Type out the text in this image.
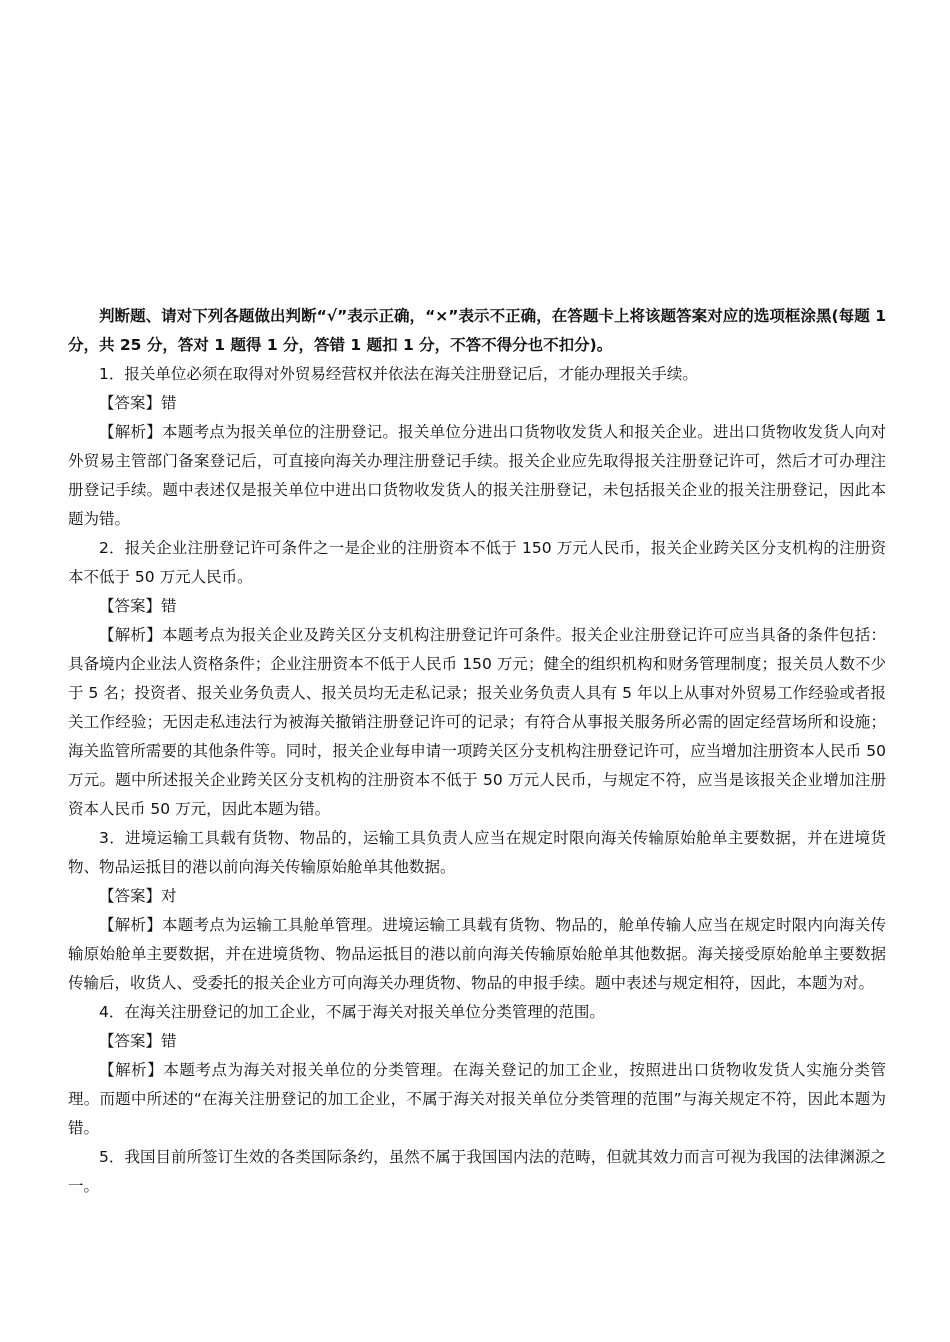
判断题、请对下列各题做出判断“√”表示正确，“×”表示不正确，在答题卡上将该题答案对应的选项框涂黑(每题 1 分，共 25 分，答对 1 题得 1 分，答错 1 题扣 1 分，不答不得分也不扣分)。

1．报关单位必须在取得对外贸易经营权并依法在海关注册登记后，才能办理报关手续。

【答案】错

【解析】本题考点为报关单位的注册登记。报关单位分进出口货物收发货人和报关企业。进出口货物收发货人向对外贸易主管部门备案登记后，可直接向海关办理注册登记手续。报关企业应先取得报关注册登记许可，然后才可办理注册登记手续。题中表述仅是报关单位中进出口货物收发货人的报关注册登记，未包括报关企业的报关注册登记，因此本题为错。

2．报关企业注册登记许可条件之一是企业的注册资本不低于 150 万元人民币，报关企业跨关区分支机构的注册资本不低于 50 万元人民币。

【答案】错

【解析】本题考点为报关企业及跨关区分支机构注册登记许可条件。报关企业注册登记许可应当具备的条件包括：具备境内企业法人资格条件；企业注册资本不低于人民币 150 万元；健全的组织机构和财务管理制度；报关员人数不少于 5 名；投资者、报关业务负责人、报关员均无走私记录；报关业务负责人具有 5 年以上从事对外贸易工作经验或者报关工作经验；无因走私违法行为被海关撤销注册登记许可的记录；有符合从事报关服务所必需的固定经营场所和设施；海关监管所需要的其他条件等。同时，报关企业每申请一项跨关区分支机构注册登记许可，应当增加注册资本人民币 50 万元。题中所述报关企业跨关区分支机构的注册资本不低于 50 万元人民币，与规定不符，应当是该报关企业增加注册资本人民币 50 万元，因此本题为错。

3．进境运输工具载有货物、物品的，运输工具负责人应当在规定时限向海关传输原始舱单主要数据，并在进境货物、物品运抵目的港以前向海关传输原始舱单其他数据。

【答案】对

【解析】本题考点为运输工具舱单管理。进境运输工具载有货物、物品的，舱单传输人应当在规定时限内向海关传输原始舱单主要数据，并在进境货物、物品运抵目的港以前向海关传输原始舱单其他数据。海关接受原始舱单主要数据传输后，收货人、受委托的报关企业方可向海关办理货物、物品的申报手续。题中表述与规定相符，因此，本题为对。

4．在海关注册登记的加工企业，不属于海关对报关单位分类管理的范围。

【答案】错

【解析】本题考点为海关对报关单位的分类管理。在海关登记的加工企业，按照进出口货物收发货人实施分类管理。而题中所述的“在海关注册登记的加工企业，不属于海关对报关单位分类管理的范围”与海关规定不符，因此本题为错。

5．我国目前所签订生效的各类国际条约，虽然不属于我国国内法的范畴，但就其效力而言可视为我国的法律渊源之一。
